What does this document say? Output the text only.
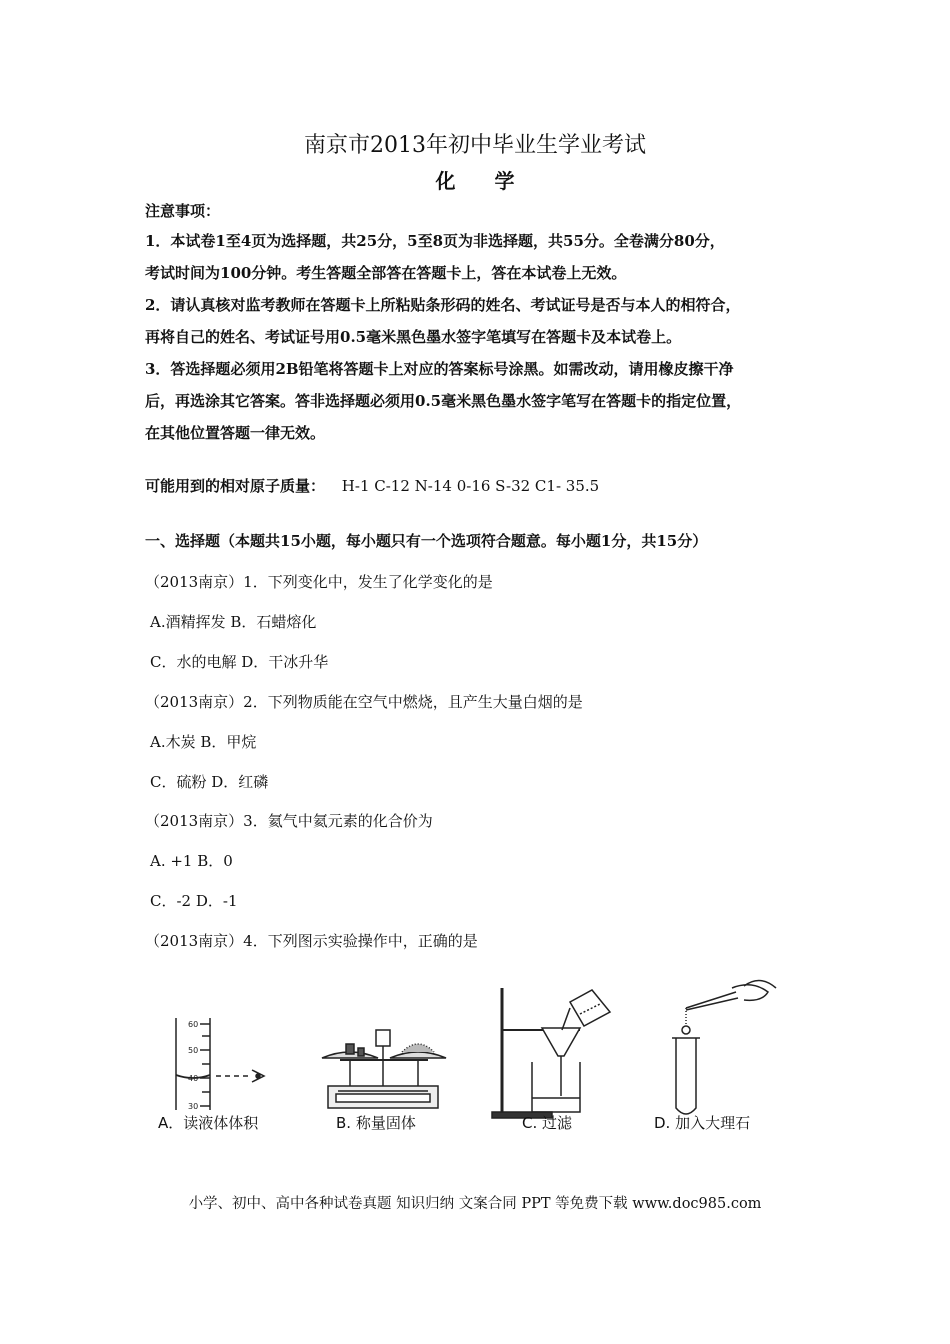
南京市2013年初中毕业生学业考试
化 学
注意事项：
1．本试卷1至4页为选择题，共25分，5至8页为非选择题，共55分。全卷满分80分，
考试时间为100分钟。考生答题全部答在答题卡上，答在本试卷上无效。
2．请认真核对监考教师在答题卡上所粘贴条形码的姓名、考试证号是否与本人的相符合，
再将自己的姓名、考试证号用0.5毫米黑色墨水签字笔填写在答题卡及本试卷上。
3．答选择题必须用2B铅笔将答题卡上对应的答案标号涂黑。如需改动，请用橡皮擦干净
后，再选涂其它答案。答非选择题必须用0.5毫米黑色墨水签字笔写在答题卡的指定位置，
在其他位置答题一律无效。
可能用到的相对原子质量： H-1 C-12 N-14 0-16 S-32 C1- 35.5
一、选择题（本题共15小题，每小题只有一个选项符合题意。每小题1分，共15分）
（2013南京）1．下列变化中，发生了化学变化的是
A.酒精挥发 B．石蜡熔化
C．水的电解 D．干冰升华
（2013南京）2．下列物质能在空气中燃烧，且产生大量白烟的是
A.木炭 B．甲烷
C．硫粉 D．红磷
（2013南京）3．氦气中氦元素的化合价为
A. +1 B．0
C．-2 D．-1
（2013南京）4．下列图示实验操作中，正确的是
60
50
40
30
A．读液体体积	B. 称量固体	C. 过滤	D. 加入大理石
小学、初中、高中各种试卷真题 知识归纳 文案合同 PPT 等免费下载 www.doc985.com
